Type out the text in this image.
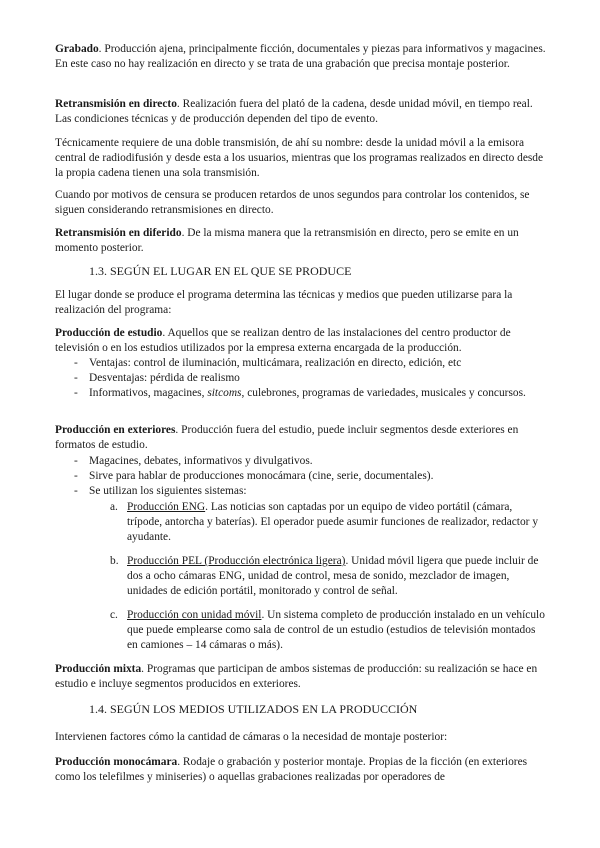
Grabado. Producción ajena, principalmente ficción, documentales y piezas para informativos y magacines. En este caso no hay realización en directo y se trata de una grabación que precisa montaje posterior.

Retransmisión en directo. Realización fuera del plató de la cadena, desde unidad móvil, en tiempo real. Las condiciones técnicas y de producción dependen del tipo de evento.

Técnicamente requiere de una doble transmisión, de ahí su nombre: desde la unidad móvil a la emisora central de radiodifusión y desde esta a los usuarios, mientras que los programas realizados en directo desde la propia cadena tienen una sola transmisión.

Cuando por motivos de censura se producen retardos de unos segundos para controlar los contenidos, se siguen considerando retransmisiones en directo.

Retransmisión en diferido. De la misma manera que la retransmisión en directo, pero se emite en un momento posterior.

1.3. SEGÚN EL LUGAR EN EL QUE SE PRODUCE

El lugar donde se produce el programa determina las técnicas y medios que pueden utilizarse para la realización del programa:

Producción de estudio. Aquellos que se realizan dentro de las instalaciones del centro productor de televisión o en los estudios utilizados por la empresa externa encargada de la producción.

- Ventajas: control de iluminación, multicámara, realización en directo, edición, etc
- Desventajas: pérdida de realismo
- Informativos, magacines, sitcoms, culebrones, programas de variedades, musicales y concursos.

Producción en exteriores. Producción fuera del estudio, puede incluir segmentos desde exteriores en formatos de estudio.

- Magacines, debates, informativos y divulgativos.
- Sirve para hablar de producciones monocámara (cine, serie, documentales).
- Se utilizan los siguientes sistemas:
a. Producción ENG. Las noticias son captadas por un equipo de video portátil (cámara, trípode, antorcha y baterías). El operador puede asumir funciones de realizador, redactor y ayudante.
b. Producción PEL (Producción electrónica ligera). Unidad móvil ligera que puede incluir de dos a ocho cámaras ENG, unidad de control, mesa de sonido, mezclador de imagen, unidades de edición portátil, monitorado y control de señal.
c. Producción con unidad móvil. Un sistema completo de producción instalado en un vehículo que puede emplearse como sala de control de un estudio (estudios de televisión montados en camiones – 14 cámaras o más).

Producción mixta. Programas que participan de ambos sistemas de producción: su realización se hace en estudio e incluye segmentos producidos en exteriores.

1.4. SEGÚN LOS MEDIOS UTILIZADOS EN LA PRODUCCIÓN

Intervienen factores cómo la cantidad de cámaras o la necesidad de montaje posterior:

Producción monocámara. Rodaje o grabación y posterior montaje. Propias de la ficción (en exteriores como los telefilmes y miniseries) o aquellas grabaciones realizadas por operadores de
